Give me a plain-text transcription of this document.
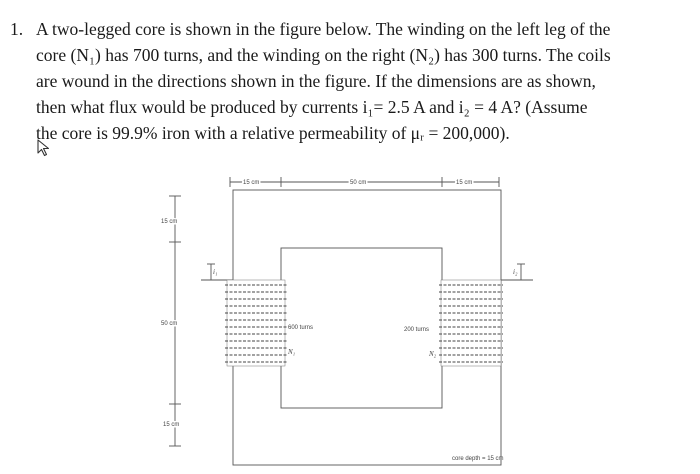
1. A two-legged core is shown in the figure below. The winding on the left leg of the
core (N₁) has 700 turns, and the winding on the right (N₂) has 300 turns. The coils
are wound in the directions shown in the figure. If the dimensions are as shown,
then what flux would be produced by currents i₁= 2.5 A and i₂ = 4 A? (Assume
the core is 99.9% iron with a relative permeability of μᵣ = 200,000).
15 cm	50 cm	15 cm
15 cm
50 cm
15 cm
600 turns	200 turns
i₁	i₂
N₁	N₂
core depth = 15 cm
